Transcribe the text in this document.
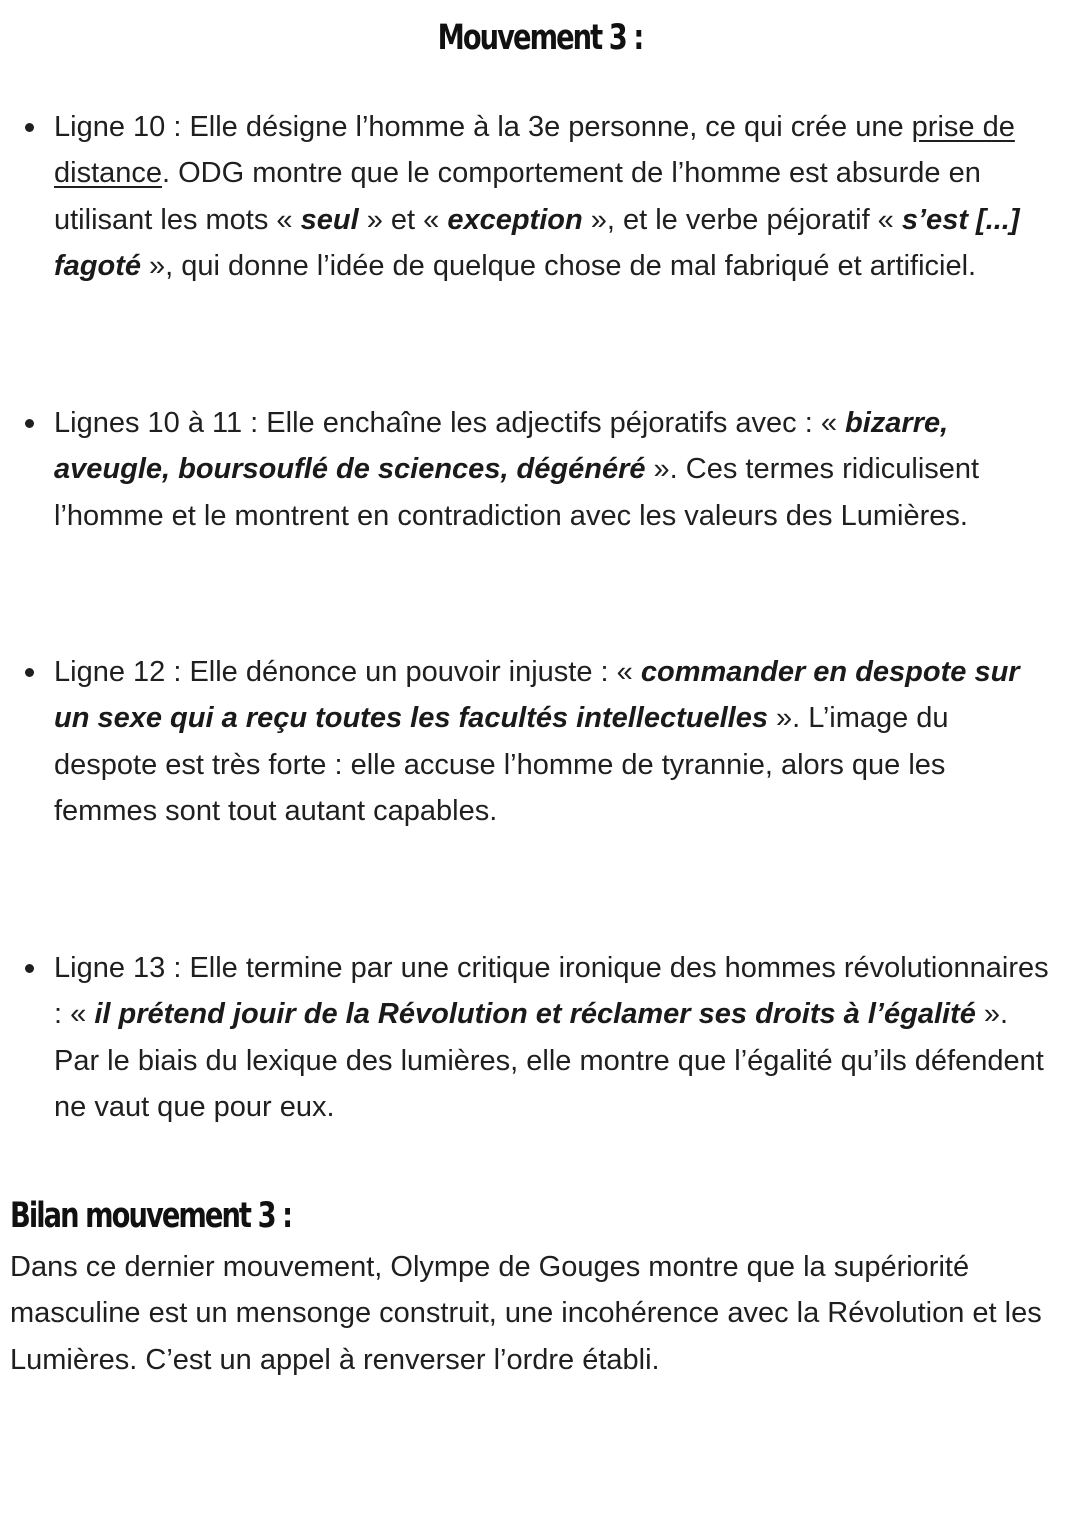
Mouvement 3 :
Ligne 10 : Elle désigne l’homme à la 3e personne, ce qui crée une prise de distance. ODG montre que le comportement de l’homme est absurde en utilisant les mots « seul » et « exception », et le verbe péjoratif « s’est [...] fagoté », qui donne l’idée de quelque chose de mal fabriqué et artificiel.
Lignes 10 à 11 : Elle enchaîne les adjectifs péjoratifs avec : « bizarre, aveugle, boursouflé de sciences, dégénéré ». Ces termes ridiculisent l’homme et le montrent en contradiction avec les valeurs des Lumières.
Ligne 12 : Elle dénonce un pouvoir injuste : « commander en despote sur un sexe qui a reçu toutes les facultés intellectuelles ». L’image du despote est très forte : elle accuse l’homme de tyrannie, alors que les femmes sont tout autant capables.
Ligne 13 : Elle termine par une critique ironique des hommes révolutionnaires : « il prétend jouir de la Révolution et réclamer ses droits à l’égalité ». Par le biais du lexique des lumières, elle montre que l’égalité qu’ils défendent ne vaut que pour eux.
Bilan mouvement 3 :
Dans ce dernier mouvement, Olympe de Gouges montre que la supériorité masculine est un mensonge construit, une incohérence avec la Révolution et les Lumières. C’est un appel à renverser l’ordre établi.
